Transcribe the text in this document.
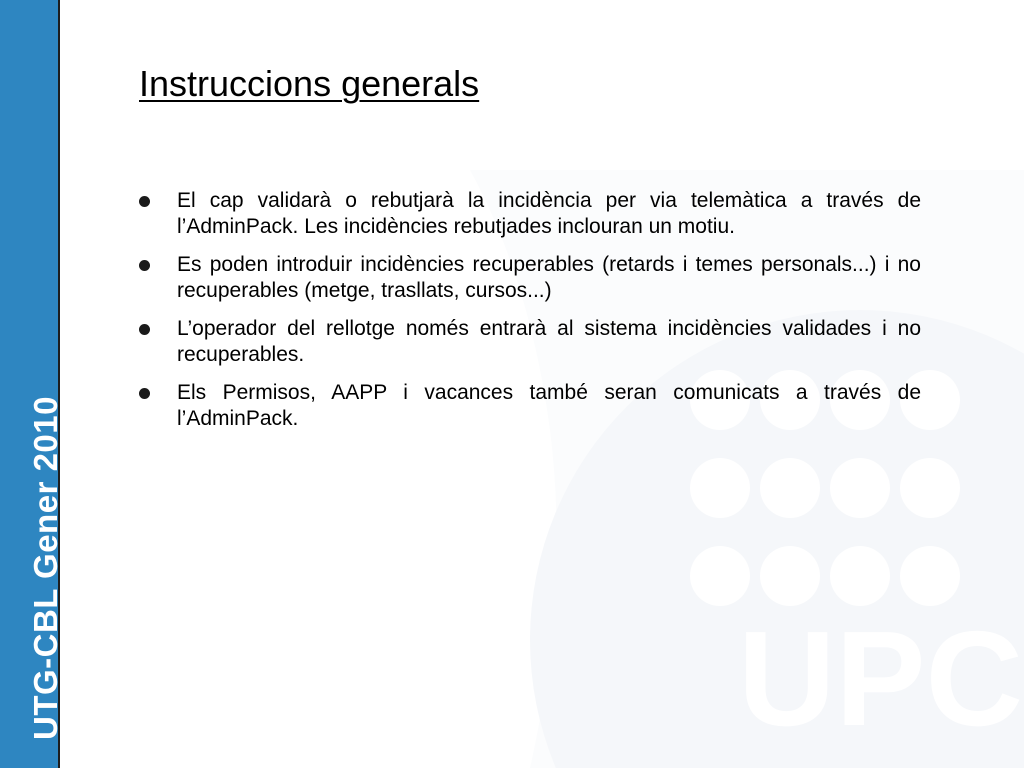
UTG-CBL Gener 2010	UPC
Instruccions generals
El cap validarà o rebutjarà la incidència per via telemàtica a través de l’AdminPack. Les incidències rebutjades inclouran un motiu.
Es poden introduir incidències recuperables (retards i temes personals...) i no recuperables (metge, trasllats, cursos...)
L’operador del rellotge només entrarà al sistema incidències validades i no recuperables.
Els Permisos, AAPP i vacances també seran comunicats a través de l’AdminPack.
